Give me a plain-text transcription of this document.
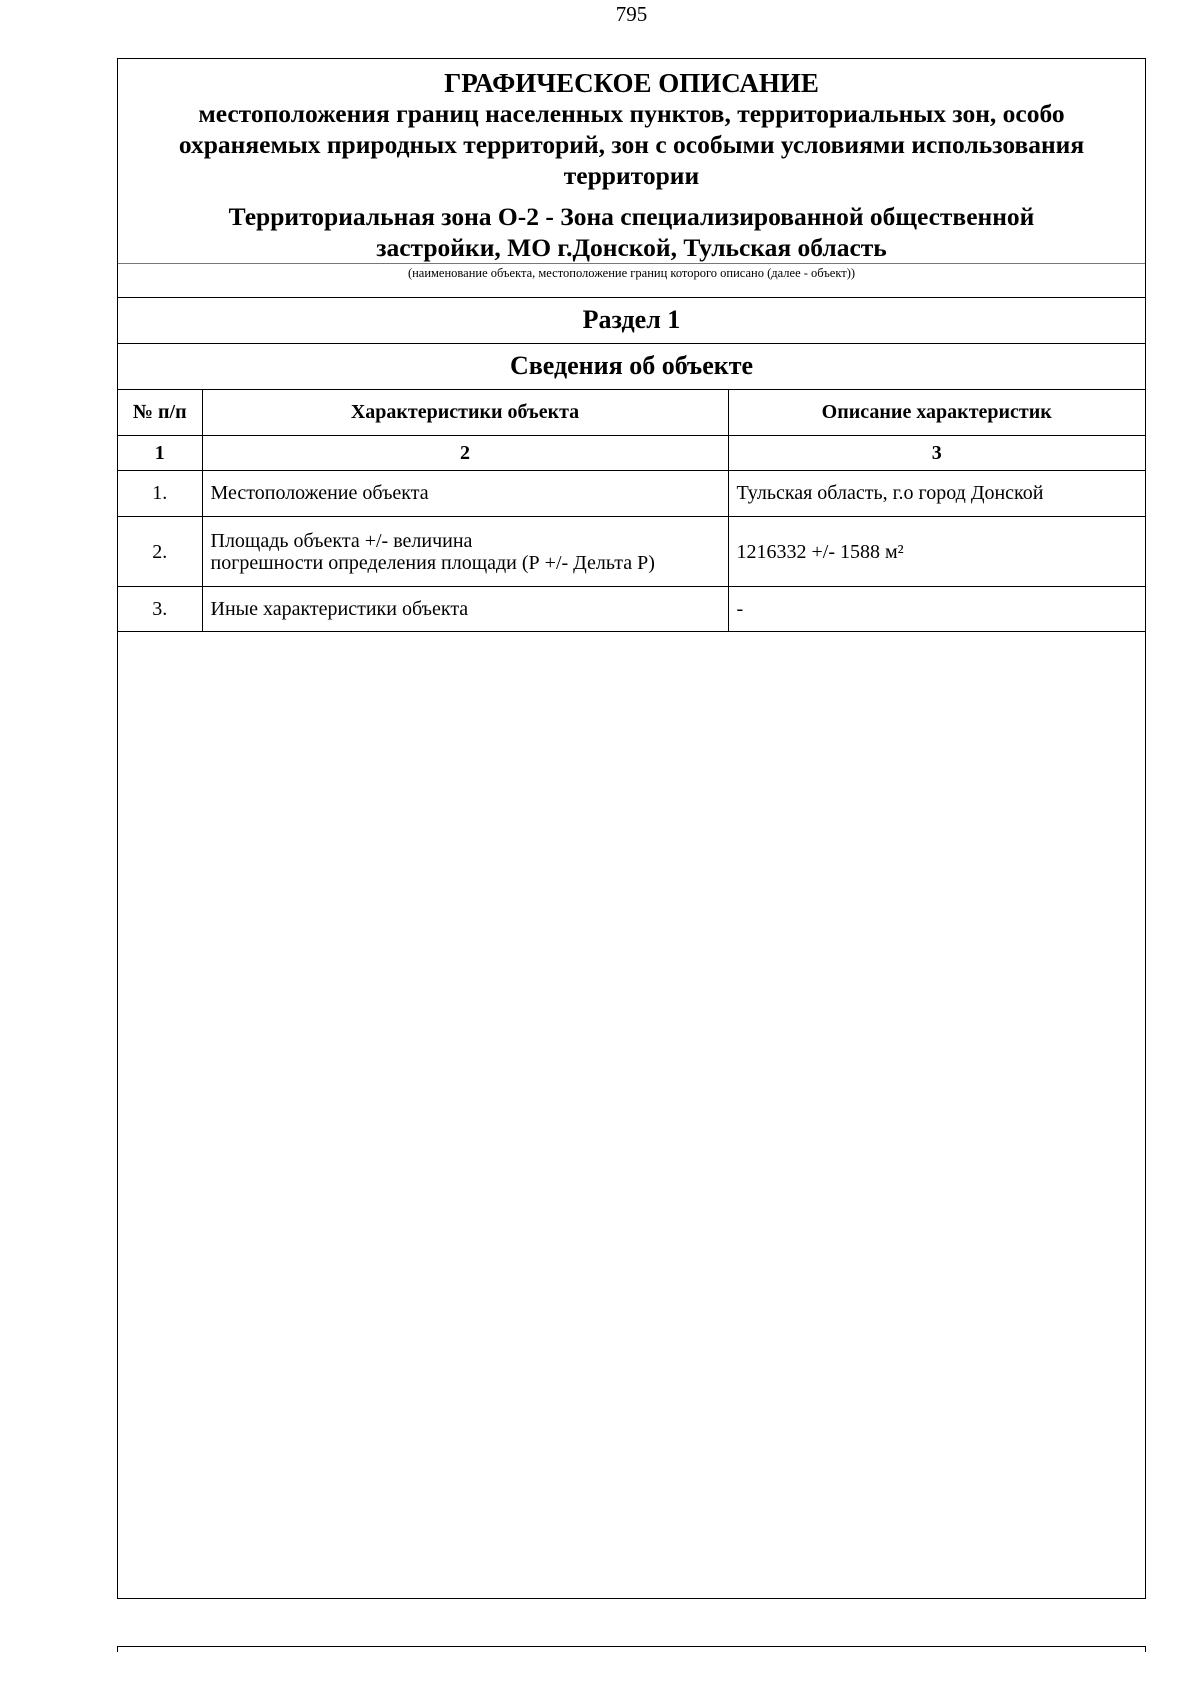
795
ГРАФИЧЕСКОЕ ОПИСАНИЕ
местоположения границ населенных пунктов, территориальных зон, особо
охраняемых природных территорий, зон с особыми условиями использования
территории
Территориальная зона О-2 - Зона специализированной общественной
застройки, МО г.Донской, Тульская область
(наименование объекта, местоположение границ которого описано (далее - объект))
Раздел 1
Сведения об объекте
№ п/п	Характеристики объекта	Описание характеристик
1	2	3
1.	Местоположение объекта	Тульская область, г.о город Донской
2.	Площадь объекта +/- величина
погрешности определения площади (Р +/- Дельта Р)	1216332 +/- 1588 м²
3.	Иные характеристики объекта	-
